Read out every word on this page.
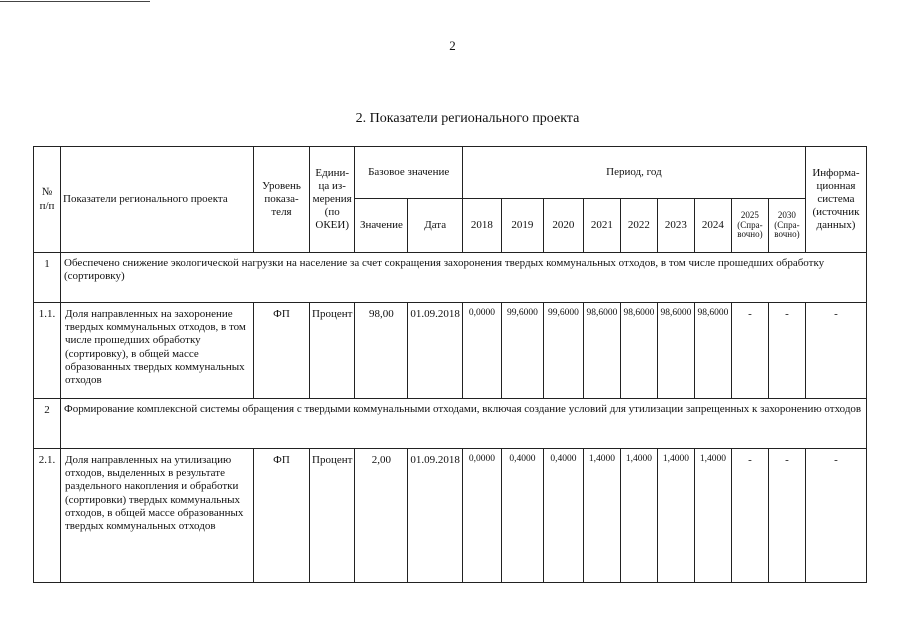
2
2. Показатели регионального проекта
№ п/п	Показатели регионального проекта	Уровень показа-теля	Едини-ца из-мерения (по ОКЕИ)	Базовое значение		Период, год									Информа-ционная система (источник данных)
				Значение	Дата	2018	2019	2020	2021	2022	2023	2024	2025 (Спра-вочно)	2030 (Спра-вочно)	
1	Обеспечено снижение экологической нагрузки на население за счет сокращения захоронения твердых коммунальных отходов, в том числе прошедших обработку (сортировку)														
1.1.	Доля направленных на захоронение твердых коммунальных отходов, в том числе прошедших обработку (сортировку), в общей массе образованных твердых коммунальных отходов	ФП	Процент	98,00	01.09.2018	0,0000	99,6000	99,6000	98,6000	98,6000	98,6000	98,6000	-	-	-
2	Формирование комплексной системы обращения с твердыми коммунальными отходами, включая создание условий для утилизации запрещенных к захоронению отходов														
2.1.	Доля направленных на утилизацию отходов, выделенных в результате раздельного накопления и обработки (сортировки) твердых коммунальных отходов, в общей массе образованных твердых коммунальных отходов	ФП	Процент	2,00	01.09.2018	0,0000	0,4000	0,4000	1,4000	1,4000	1,4000	1,4000	-	-	-
